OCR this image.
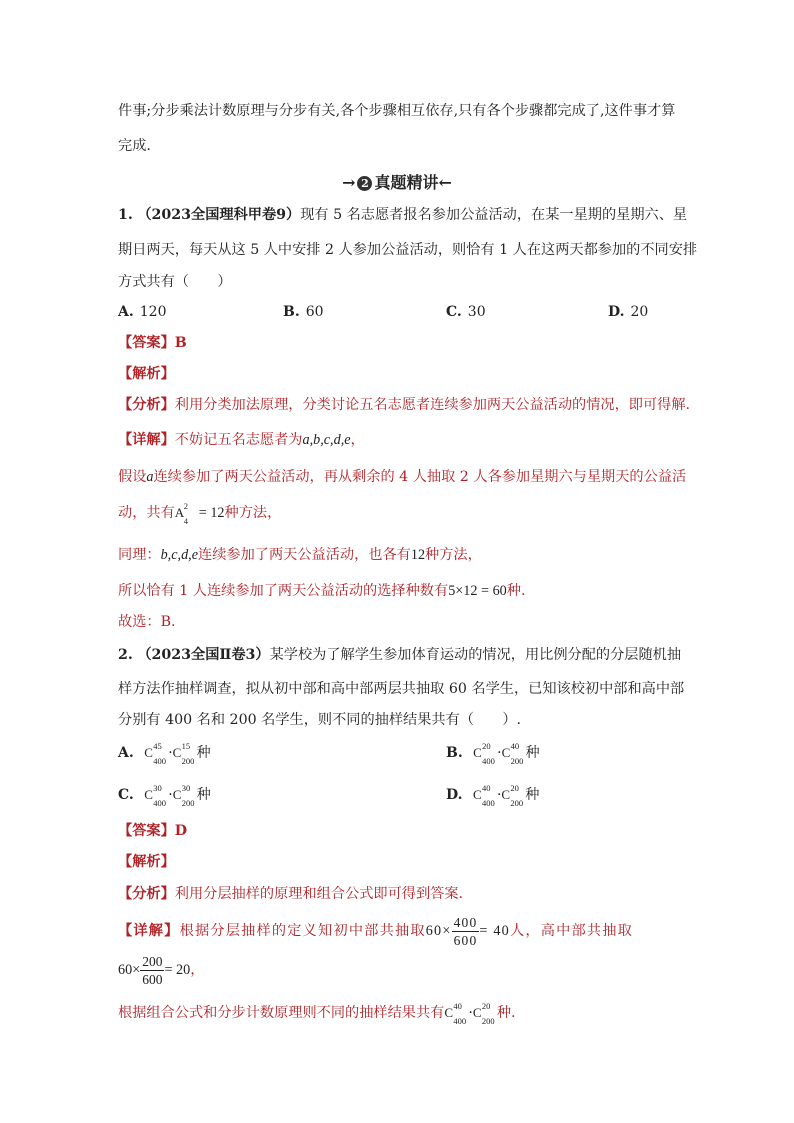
件事;分步乘法计数原理与分步有关,各个步骤相互依存,只有各个步骤都完成了,这件事才算
完成.
→ 2 真题精讲←
1. （2023全国理科甲卷9）现有 5 名志愿者报名参加公益活动，在某一星期的星期六、星
期日两天，每天从这 5 人中安排 2 人参加公益活动，则恰有 1 人在这两天都参加的不同安排
方式共有（　　）
A. 120	B. 60	C. 30	D. 20
【答案】B
【解析】
【分析】利用分类加法原理，分类讨论五名志愿者连续参加两天公益活动的情况，即可得解.
【详解】不妨记五名志愿者为a,b,c,d,e，
假设a连续参加了两天公益活动，再从剩余的 4 人抽取 2 人各参加星期六与星期天的公益活
动，共有A 2
4 = 12种方法，
同理：b,c,d,e连续参加了两天公益活动，也各有12种方法，
所以恰有 1 人连续参加了两天公益活动的选择种数有5×12 = 60种.
故选：B.
2. （2023全国Ⅱ卷3）某学校为了解学生参加体育运动的情况，用比例分配的分层随机抽
样方法作抽样调查，拟从初中部和高中部两层共抽取 60 名学生，已知该校初中部和高中部
分别有 400 名和 200 名学生，则不同的抽样结果共有（　　）.
A. C 45
400 ·C 15
200 种	B. C 20
400 ·C 40
200 种
C. C 30
400 ·C 30
200 种	D. C 40
400 ·C 20
200 种
【答案】D
【解析】
【分析】利用分层抽样的原理和组合公式即可得到答案.
【详解】根据分层抽样的定义知初中部共抽取$60\times \frac{400}{600} = 40$人，高中部共抽取
$60\times \frac{200}{600} = 20$，
根据组合公式和分步计数原理则不同的抽样结果共有C 40
400 ·C 20
200 种.
